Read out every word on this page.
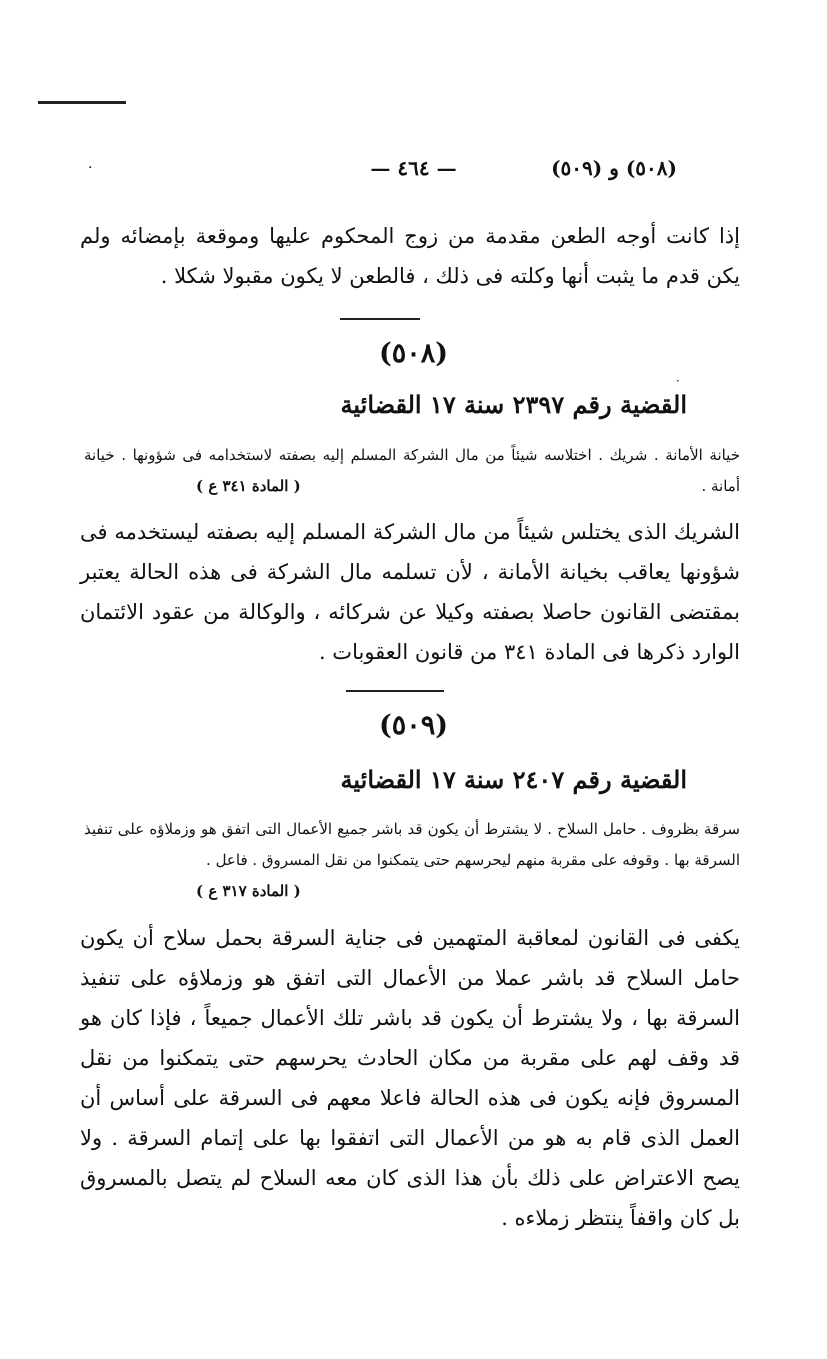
·	(٥٠٨) و (٥٠٩)
— ٤٦٤ —
إذا كانت أوجه الطعن مقدمة من زوج المحكوم عليها وموقعة بإمضائه ولم يكن قدم ما يثبت أنها وكلته فى ذلك ، فالطعن لا يكون مقبولا شكلا .
(٥٠٨)
·
القضية رقم ٢٣٩٧ سنة ١٧ القضائية
خيانة الأمانة . شريك . اختلاسه شيئاً من مال الشركة المسلم إليه بصفته لاستخدامه فى شؤونها . خيانة أمانة .
( المادة ٣٤١ ع )
الشريك الذى يختلس شيئاً من مال الشركة المسلم إليه بصفته ليستخدمه فى شؤونها يعاقب بخيانة الأمانة ، لأن تسلمه مال الشركة فى هذه الحالة يعتبر بمقتضى القانون حاصلا بصفته وكيلا عن شركائه ، والوكالة من عقود الائتمان الوارد ذكرها فى المادة ٣٤١ من قانون العقوبات .
(٥٠٩)
القضية رقم ٢٤٠٧ سنة ١٧ القضائية
سرقة بظروف . حامل السلاح . لا يشترط أن يكون قد باشر جميع الأعمال التى اتفق هو وزملاؤه على تنفيذ السرقة بها . وقوفه على مقربة منهم ليحرسهم حتى يتمكنوا من نقل المسروق . فاعل .
( المادة ٣١٧ ع )
يكفى فى القانون لمعاقبة المتهمين فى جناية السرقة بحمل سلاح أن يكون حامل السلاح قد باشر عملا من الأعمال التى اتفق هو وزملاؤه على تنفيذ السرقة بها ، ولا يشترط أن يكون قد باشر تلك الأعمال جميعاً ، فإذا كان هو قد وقف لهم على مقربة من مكان الحادث يحرسهم حتى يتمكنوا من نقل المسروق فإنه يكون فى هذه الحالة فاعلا معهم فى السرقة على أساس أن العمل الذى قام به هو من الأعمال التى اتفقوا بها على إتمام السرقة . ولا يصح الاعتراض على ذلك بأن هذا الذى كان معه السلاح لم يتصل بالمسروق بل كان واقفاً ينتظر زملاءه .
